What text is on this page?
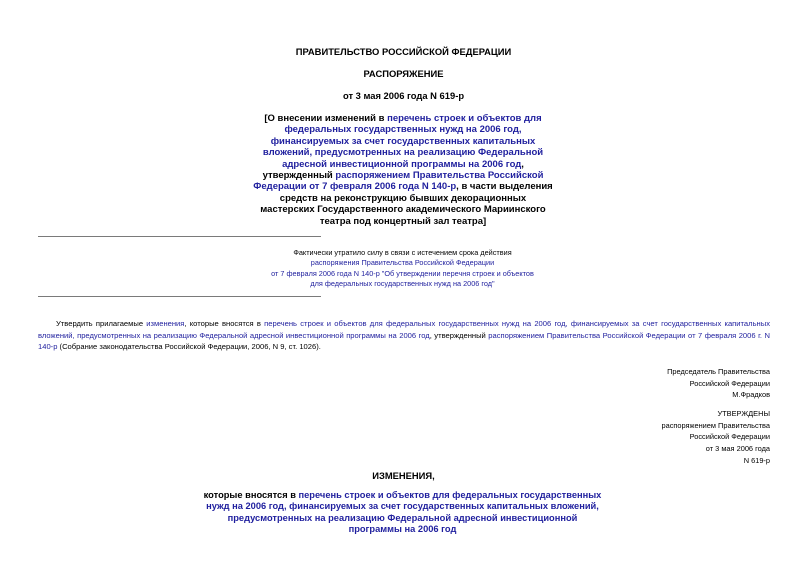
ПРАВИТЕЛЬСТВО РОССИЙСКОЙ ФЕДЕРАЦИИ
РАСПОРЯЖЕНИЕ
от 3 мая 2006 года N 619-р
[О внесении изменений в перечень строек и объектов для федеральных государственных нужд на 2006 год, финансируемых за счет государственных капитальных вложений, предусмотренных на реализацию Федеральной адресной инвестиционной программы на 2006 год, утвержденный распоряжением Правительства Российской Федерации от 7 февраля 2006 года N 140-р, в части выделения средств на реконструкцию бывших декорационных мастерских Государственного академического Мариинского театра под концертный зал театра]

Фактически утратило силу в связи с истечением срока действия

распоряжения Правительства Российской Федерации

от 7 февраля 2006 года N 140-р "Об утверждении перечня строек и объектов

для федеральных государственных нужд на 2006 год"

Утвердить прилагаемые изменения, которые вносятся в перечень строек и объектов для федеральных государственных нужд на 2006 год, финансируемых за счет государственных капитальных вложений, предусмотренных на реализацию Федеральной адресной инвестиционной программы на 2006 год, утвержденный распоряжением Правительства Российской Федерации от 7 февраля 2006 г. N 140-р (Собрание законодательства Российской Федерации, 2006, N 9, ст. 1026).

Председатель Правительства

Российской Федерации

М.Фрадков

УТВЕРЖДЕНЫ

распоряжением Правительства

Российской Федерации

от 3 мая 2006 года

N 619-р

ИЗМЕНЕНИЯ,
которые вносятся в перечень строек и объектов для федеральных государственных нужд на 2006 год, финансируемых за счет государственных капитальных вложений, предусмотренных на реализацию Федеральной адресной инвестиционной программы на 2006 год
